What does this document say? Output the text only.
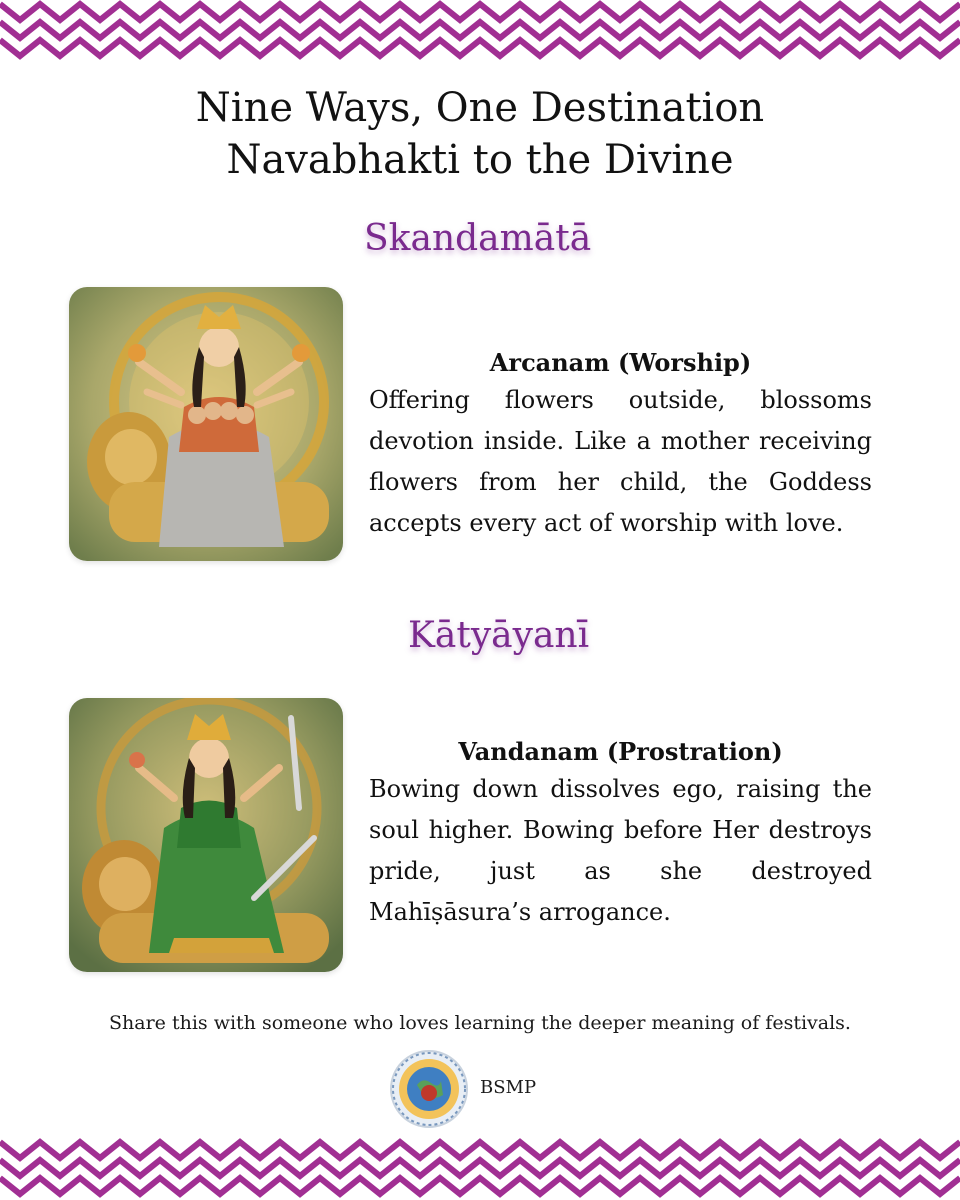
Nine Ways, One Destination
Navabhakti to the Divine
Skandamātā
Arcanam (Worship)

Offering flowers outside, blossoms devotion inside. Like a mother receiving flowers from her child, the Goddess accepts every act of worship with love.

Kātyāyanī
Vandanam (Prostration)

Bowing down dissolves ego, raising the soul higher. Bowing before Her destroys pride, just as she destroyed Mahīṣāsura’s arrogance.

Share this with someone who loves learning the deeper meaning of festivals.
BSMP
